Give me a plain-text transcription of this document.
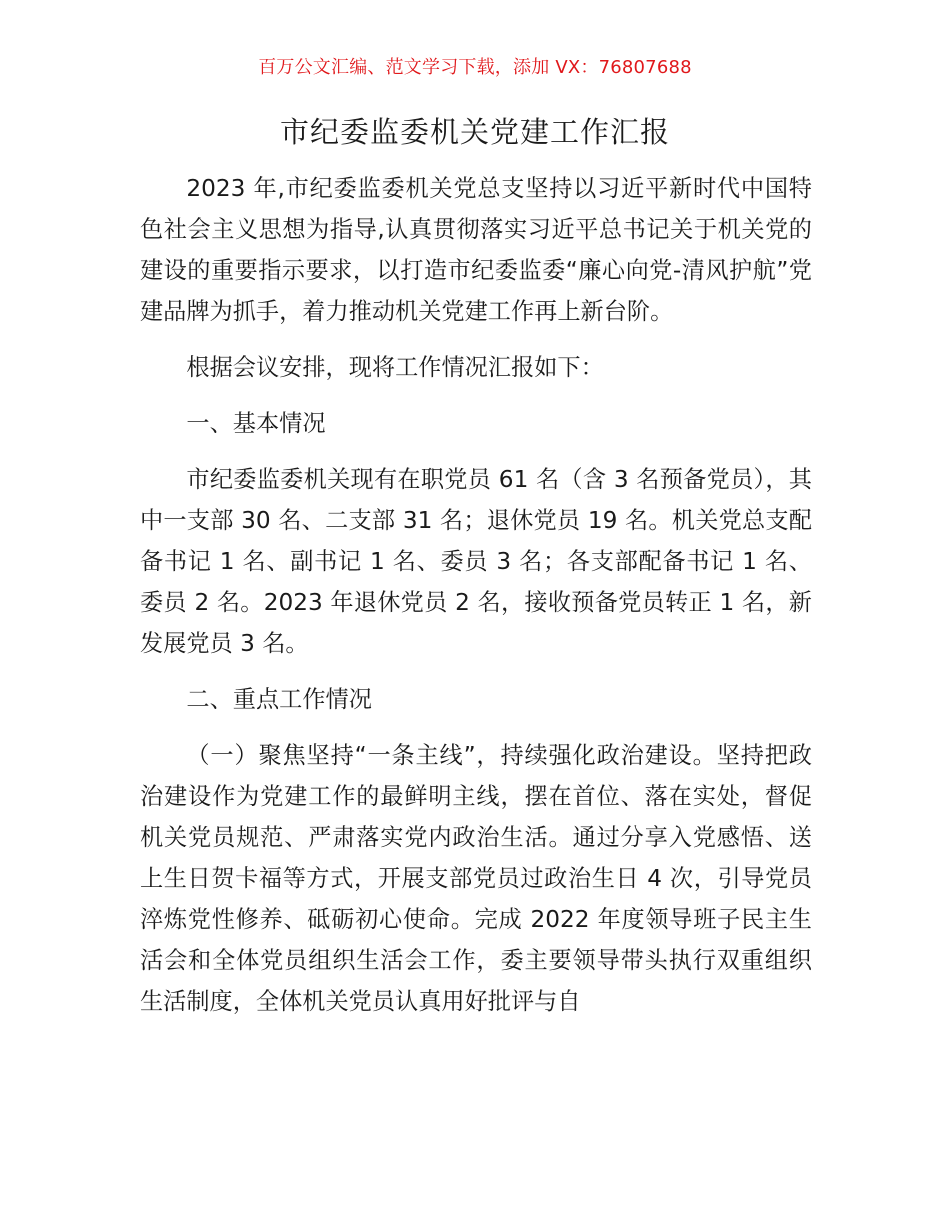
百万公文汇编、范文学习下载，添加 VX：76807688
市纪委监委机关党建工作汇报

2023 年,市纪委监委机关党总支坚持以习近平新时代中国特色社会主义思想为指导,认真贯彻落实习近平总书记关于机关党的建设的重要指示要求，以打造市纪委监委“廉心向党-清风护航”党建品牌为抓手，着力推动机关党建工作再上新台阶。

根据会议安排，现将工作情况汇报如下：

一、基本情况

市纪委监委机关现有在职党员 61 名（含 3 名预备党员），其中一支部 30 名、二支部 31 名；退休党员 19 名。机关党总支配备书记 1 名、副书记 1 名、委员 3 名；各支部配备书记 1 名、委员 2 名。2023 年退休党员 2 名，接收预备党员转正 1 名，新发展党员 3 名。

二、重点工作情况

（一）聚焦坚持“一条主线”，持续强化政治建设。坚持把政治建设作为党建工作的最鲜明主线，摆在首位、落在实处，督促机关党员规范、严肃落实党内政治生活。通过分享入党感悟、送上生日贺卡福等方式，开展支部党员过政治生日 4 次，引导党员淬炼党性修养、砥砺初心使命。完成 2022 年度领导班子民主生活会和全体党员组织生活会工作，委主要领导带头执行双重组织生活制度，全体机关党员认真用好批评与自
